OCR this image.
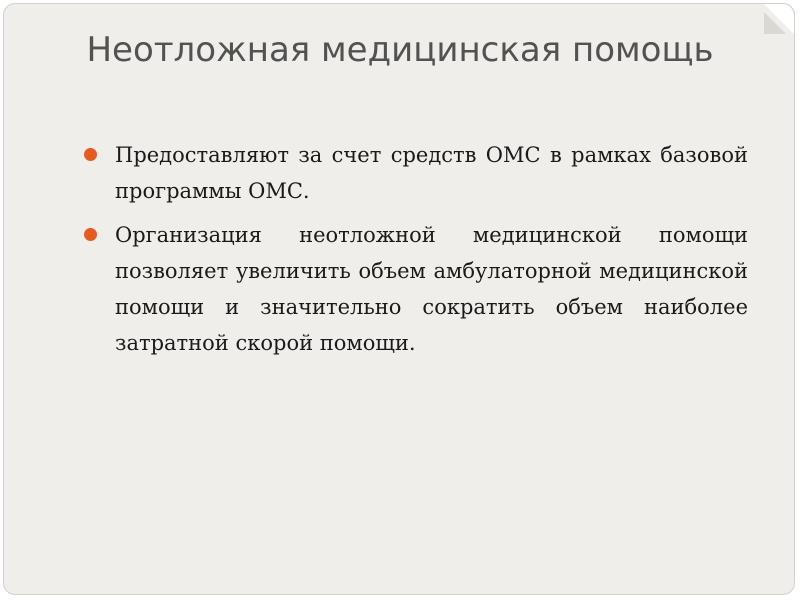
Неотложная медицинская помощь
Предоставляют за счет средств ОМС в рамках базовой программы ОМС.
Организация неотложной медицинской помощи позволяет увеличить объем амбулаторной медицинской помощи и значительно сократить объем наиболее затратной скорой помощи.
